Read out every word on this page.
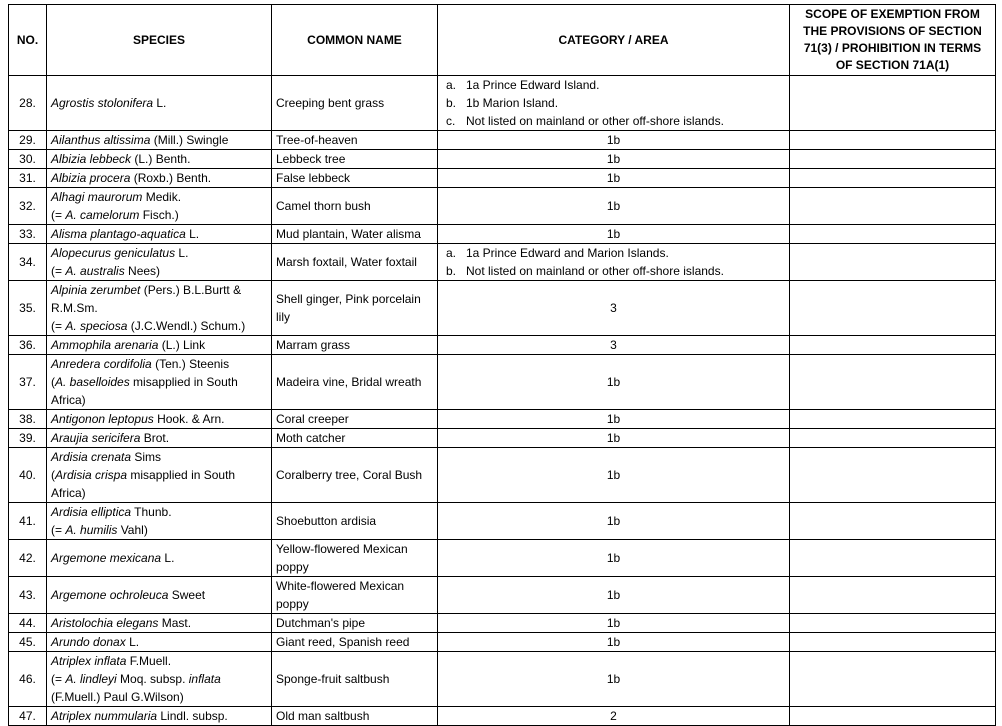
NO.	SPECIES	COMMON NAME	CATEGORY / AREA	SCOPE OF EXEMPTION FROM THE PROVISIONS OF SECTION 71(3) / PROHIBITION IN TERMS OF SECTION 71A(1)
28.	Agrostis stolonifera L.	Creeping bent grass	a. 1a Prince Edward Island.
b. 1b Marion Island.
c. Not listed on mainland or other off-shore islands.	

29.	Ailanthus altissima (Mill.) Swingle	Tree-of-heaven	1b	
30.	Albizia lebbeck (L.) Benth.	Lebbeck tree	1b	
31.	Albizia procera (Roxb.) Benth.	False lebbeck	1b	
32.	Alhagi maurorum Medik.
(= A. camelorum Fisch.)	Camel thorn bush	1b	
33.	Alisma plantago-aquatica L.	Mud plantain, Water alisma	1b	
34.	Alopecurus geniculatus L.
(= A. australis Nees)	Marsh foxtail, Water foxtail	a. 1a Prince Edward and Marion Islands.
b. Not listed on mainland or other off-shore islands.	

35.	Alpinia zerumbet (Pers.) B.L.Burtt &
R.M.Sm.
(= A. speciosa (J.C.Wendl.) Schum.)	Shell ginger, Pink porcelain lily	3	
36.	Ammophila arenaria (L.) Link	Marram grass	3	
37.	Anredera cordifolia (Ten.) Steenis
(A. baselloides misapplied in South
Africa)	Madeira vine, Bridal wreath	1b	
38.	Antigonon leptopus Hook. & Arn.	Coral creeper	1b	
39.	Araujia sericifera Brot.	Moth catcher	1b	
40.	Ardisia crenata Sims
(Ardisia crispa misapplied in South Africa)	Coralberry tree, Coral Bush	1b	
41.	Ardisia elliptica Thunb.
(= A. humilis Vahl)	Shoebutton ardisia	1b	
42.	Argemone mexicana L.	Yellow-flowered Mexican poppy	1b	
43.	Argemone ochroleuca Sweet	White-flowered Mexican poppy	1b	
44.	Aristolochia elegans Mast.	Dutchman's pipe	1b	
45.	Arundo donax L.	Giant reed, Spanish reed	1b	
46.	Atriplex inflata F.Muell.
(= A. lindleyi Moq. subsp. inflata
(F.Muell.) Paul G.Wilson)	Sponge-fruit saltbush	1b	
47.	Atriplex nummularia Lindl. subsp.	Old man saltbush	2	
